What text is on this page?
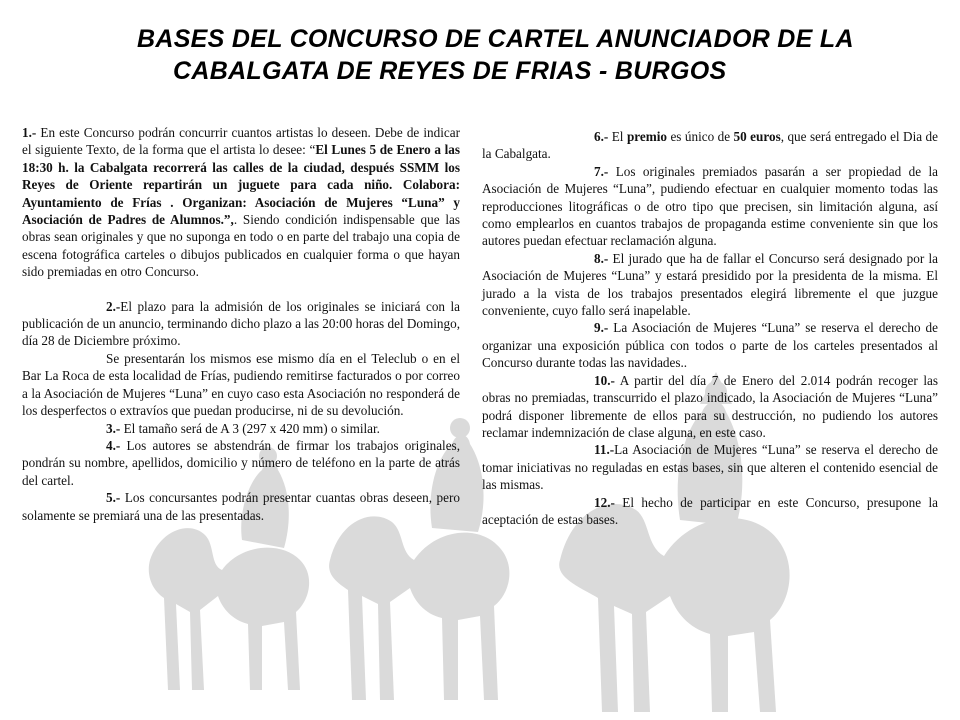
BASES DEL CONCURSO DE CARTEL ANUNCIADOR DE LA
CABALGATA DE REYES DE FRIAS - BURGOS

1.- En este Concurso podrán concurrir cuantos artistas lo deseen. Debe de indicar el siguiente Texto, de la forma que el artista lo desee: “El Lunes 5 de Enero a las 18:30 h. la Cabalgata recorrerá las calles de la ciudad, después SSMM los Reyes de Oriente repartirán un juguete para cada niño. Colabora: Ayuntamiento de Frías . Organizan: Asociación de Mujeres “Luna” y Asociación de Padres de Alumnos.”,. Siendo condición indispensable que las obras sean originales y que no suponga en todo o en parte del trabajo una copia de escena fotográfica carteles o dibujos publicados en cualquier forma o que hayan sido premiadas en otro Concurso.

2.-El plazo para la admisión de los originales se iniciará con la publicación de un anuncio, terminando dicho plazo a las 20:00 horas del Domingo, día 28 de Diciembre próximo.

Se presentarán los mismos ese mismo día en el Teleclub o en el Bar La Roca de esta localidad de Frías, pudiendo remitirse facturados o por correo a la Asociación de Mujeres “Luna” en cuyo caso esta Asociación no responderá de los desperfectos o extravíos que puedan producirse, ni de su devolución.

3.- El tamaño será de A 3 (297 x 420 mm) o similar.

4.- Los autores se abstendrán de firmar los trabajos originales, pondrán su nombre, apellidos, domicilio y número de teléfono en la parte de atrás del cartel.

5.- Los concursantes podrán presentar cuantas obras deseen, pero solamente se premiará una de las presentadas.

6.- El premio es único de 50 euros, que será entregado el Dia de la Cabalgata.

7.- Los originales premiados pasarán a ser propiedad de la Asociación de Mujeres “Luna”, pudiendo efectuar en cualquier momento todas las reproducciones litográficas o de otro tipo que precisen, sin limitación alguna, así como emplearlos en cuantos trabajos de propaganda estime conveniente sin que los autores puedan efectuar reclamación alguna.

8.- El jurado que ha de fallar el Concurso será designado por la Asociación de Mujeres “Luna” y estará presidido por la presidenta de la misma. El jurado a la vista de los trabajos presentados elegirá libremente el que juzgue conveniente, cuyo fallo será inapelable.

9.- La Asociación de Mujeres “Luna” se reserva el derecho de organizar una exposición pública con todos o parte de los carteles presentados al Concurso durante todas las navidades..

10.- A partir del día 7 de Enero del 2.014 podrán recoger las obras no premiadas, transcurrido el plazo indicado, la Asociación de Mujeres “Luna” podrá disponer libremente de ellos para su destrucción, no pudiendo los autores reclamar indemnización de clase alguna, en este caso.

11.-La Asociación de Mujeres “Luna” se reserva el derecho de tomar iniciativas no reguladas en estas bases, sin que alteren el contenido esencial de las mismas.

12.- El hecho de participar en este Concurso, presupone la aceptación de estas bases.
